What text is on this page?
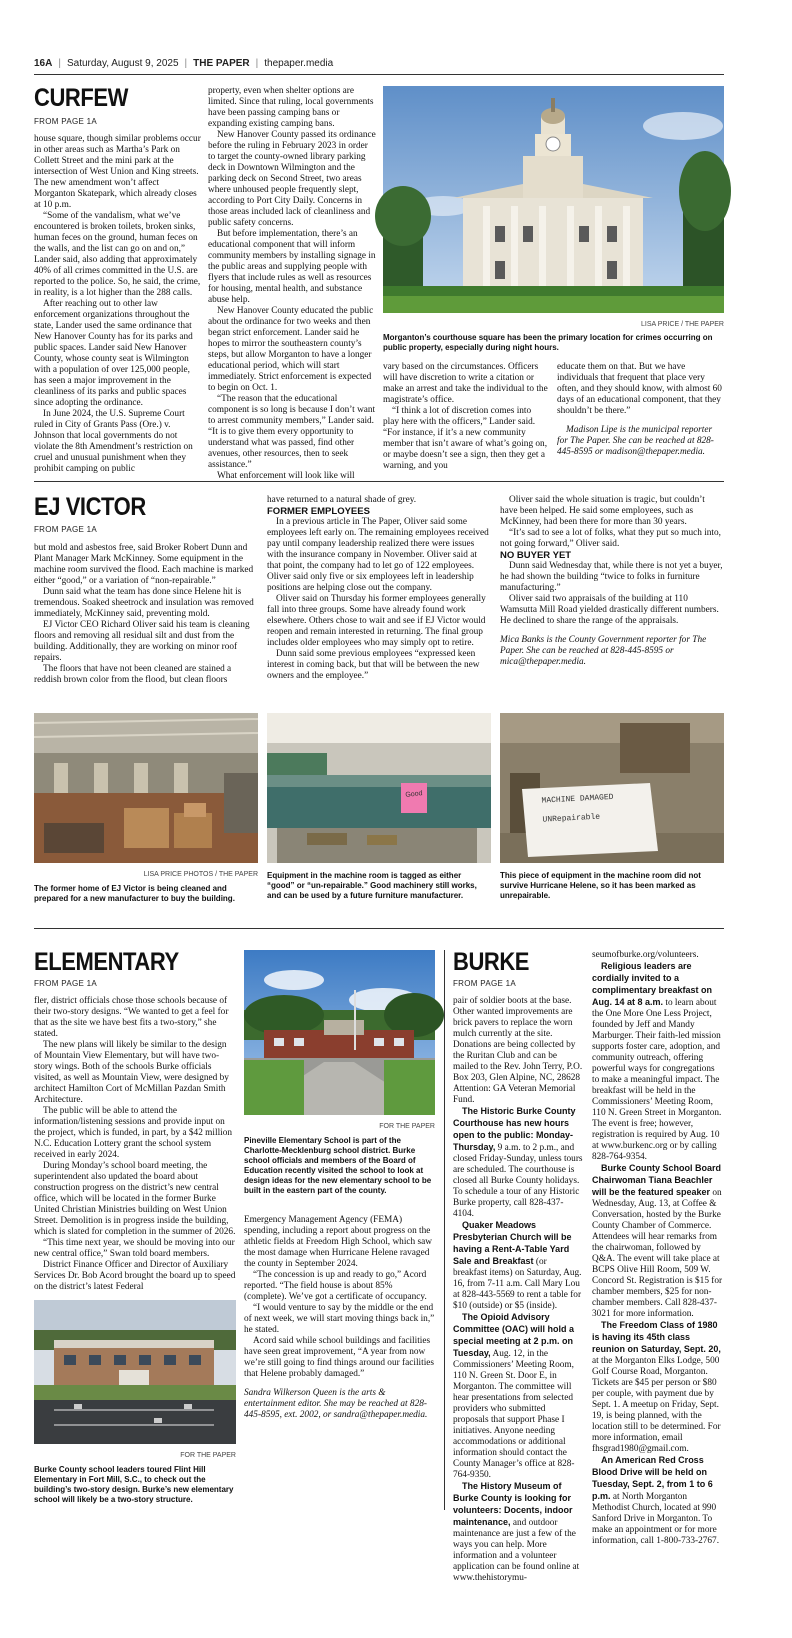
16A | Saturday, August 9, 2025 | THE PAPER | thepaper.media
CURFEW
FROM PAGE 1A

house square, though similar problems occur in other areas such as Martha’s Park on Collett Street and the mini park at the intersection of West Union and King streets. The new amendment won’t affect Morganton Skatepark, which already closes at 10 p.m.

“Some of the vandalism, what we’ve encountered is broken toilets, broken sinks, human feces on the ground, human feces on the walls, and the list can go on and on,” Lander said, also adding that approximately 40% of all crimes committed in the U.S. are reported to the police. So, he said, the crime, in reality, is a lot higher than the 288 calls.

After reaching out to other law enforcement organizations throughout the state, Lander used the same ordinance that New Hanover County has for its parks and public spaces. Lander said New Hanover County, whose county seat is Wilmington with a population of over 125,000 people, has seen a major improvement in the cleanliness of its parks and public spaces since adopting the ordinance.

In June 2024, the U.S. Supreme Court ruled in City of Grants Pass (Ore.) v. Johnson that local governments do not violate the 8th Amendment’s restriction on cruel and unusual punishment when they prohibit camping on public

property, even when shelter options are limited. Since that ruling, local governments have been passing camping bans or expanding existing camping bans.

New Hanover County passed its ordinance before the ruling in February 2023 in order to target the county-owned library parking deck in Downtown Wilmington and the parking deck on Second Street, two areas where unhoused people frequently slept, according to Port City Daily. Concerns in those areas included lack of cleanliness and public safety concerns.

But before implementation, there’s an educational component that will inform community members by installing signage in the public areas and supplying people with flyers that include rules as well as resources for housing, mental health, and substance abuse help.

New Hanover County educated the public about the ordinance for two weeks and then began strict enforcement. Lander said he hopes to mirror the southeastern county’s steps, but allow Morganton to have a longer educational period, which will start immediately. Strict enforcement is expected to begin on Oct. 1.

“The reason that the educational component is so long is because I don’t want to arrest community members,” Lander said. “It is to give them every opportunity to understand what was passed, find other avenues, other resources, then to seek assistance.”

What enforcement will look like will

LISA PRICE / THE PAPER
Morganton’s courthouse square has been the primary location for crimes occurring on public property, especially during night hours.

vary based on the circumstances. Officers will have discretion to write a citation or make an arrest and take the individual to the magistrate’s office.

“I think a lot of discretion comes into play here with the officers,” Lander said. “For instance, if it’s a new community member that isn’t aware of what’s going on, or maybe doesn’t see a sign, then they get a warning, and you

educate them on that. But we have individuals that frequent that place very often, and they should know, with almost 60 days of an educational component, that they shouldn’t be there.”

Madison Lipe is the municipal reporter for The Paper. She can be reached at 828-445-8595 or madison@thepaper.media.

EJ VICTOR
FROM PAGE 1A

but mold and asbestos free, said Broker Robert Dunn and Plant Manager Mark McKinney. Some equipment in the machine room survived the flood. Each machine is marked either “good,” or a variation of “non-repairable.”

Dunn said what the team has done since Helene hit is tremendous. Soaked sheetrock and insulation was removed immediately, McKinney said, preventing mold.

EJ Victor CEO Richard Oliver said his team is cleaning floors and removing all residual silt and dust from the building. Additionally, they are working on minor roof repairs.

The floors that have not been cleaned are stained a reddish brown color from the flood, but clean floors

have returned to a natural shade of grey.

FORMER EMPLOYEES

In a previous article in The Paper, Oliver said some employees left early on. The remaining employees received pay until company leadership realized there were issues with the insurance company in November. Oliver said at that point, the company had to let go of 122 employees. Oliver said only five or six employees left in leadership positions are helping close out the company.

Oliver said on Thursday his former employees generally fall into three groups. Some have already found work elsewhere. Others chose to wait and see if EJ Victor would reopen and remain interested in returning. The final group includes older employees who may simply opt to retire.

Dunn said some previous employees “expressed keen interest in coming back, but that will be between the new owners and the employee.”

Oliver said the whole situation is tragic, but couldn’t have been helped. He said some employees, such as McKinney, had been there for more than 30 years.

“It’s sad to see a lot of folks, what they put so much into, not going forward,” Oliver said.

NO BUYER YET

Dunn said Wednesday that, while there is not yet a buyer, he had shown the building “twice to folks in furniture manufacturing.”

Oliver said two appraisals of the building at 110 Wamsutta Mill Road yielded drastically different numbers. He declined to share the range of the appraisals.

Mica Banks is the County Government reporter for The Paper. She can be reached at 828-445-8595 or mica@thepaper.media.

Good	MACHINE DAMAGED
UNRepairable
LISA PRICE PHOTOS / THE PAPER
The former home of EJ Victor is being cleaned and prepared for a new manufacturer to buy the building.
Equipment in the machine room is tagged as either “good” or “un-repairable.” Good machinery still works, and can be used by a future furniture manufacturer.
This piece of equipment in the machine room did not survive Hurricane Helene, so it has been marked as unrepairable.
ELEMENTARY
FROM PAGE 1A

fler, district officials chose those schools because of their two-story designs. “We wanted to get a feel for that as the site we have best fits a two-story,” she stated.

The new plans will likely be similar to the design of Mountain View Elementary, but will have two-story wings. Both of the schools Burke officials visited, as well as Mountain View, were designed by architect Hamilton Cort of McMillan Pazdan Smith Architecture.

The public will be able to attend the information/listening sessions and provide input on the project, which is funded, in part, by a $42 million N.C. Education Lottery grant the school system received in early 2024.

During Monday’s school board meeting, the superintendent also updated the board about construction progress on the district’s new central office, which will be located in the former Burke United Christian Ministries building on West Union Street. Demolition is in progress inside the building, which is slated for completion in the summer of 2026.

“This time next year, we should be moving into our new central office,” Swan told board members.

District Finance Officer and Director of Auxiliary Services Dr. Bob Acord brought the board up to speed on the district’s latest Federal

FOR THE PAPER
Burke County school leaders toured Flint Hill Elementary in Fort Mill, S.C., to check out the building’s two-story design. Burke’s new elementary school will likely be a two-story structure.
FOR THE PAPER
Pineville Elementary School is part of the Charlotte-Mecklenburg school district. Burke school officials and members of the Board of Education recently visited the school to look at design ideas for the new elementary school to be built in the eastern part of the county.

Emergency Management Agency (FEMA) spending, including a report about progress on the athletic fields at Freedom High School, which saw the most damage when Hurricane Helene ravaged the county in September 2024.

“The concession is up and ready to go,” Acord reported. “The field house is about 85% (complete). We’ve got a certificate of occupancy.

“I would venture to say by the middle or the end of next week, we will start moving things back in,” he stated.

Acord said while school buildings and facilities have seen great improvement, “A year from now we’re still going to find things around our facilities that Helene probably damaged.”

Sandra Wilkerson Queen is the arts & entertainment editor. She may be reached at 828-445-8595, ext. 2002, or sandra@thepaper.media.

BURKE
FROM PAGE 1A

pair of soldier boots at the base. Other wanted improvements are brick pavers to replace the worn mulch currently at the site. Donations are being collected by the Ruritan Club and can be mailed to the Rev. John Terry, P.O. Box 203, Glen Alpine, NC, 28628 Attention: GA Veteran Memorial Fund.

The Historic Burke County Courthouse has new hours open to the public: Monday-Thursday, 9 a.m. to 2 p.m., and closed Friday-Sunday, unless tours are scheduled. The courthouse is closed all Burke County holidays. To schedule a tour of any Historic Burke property, call 828-437-4104.

Quaker Meadows Presbyterian Church will be having a Rent-A-Table Yard Sale and Breakfast (or breakfast items) on Saturday, Aug. 16, from 7-11 a.m. Call Mary Lou at 828-443-5569 to rent a table for $10 (outside) or $5 (inside).

The Opioid Advisory Committee (OAC) will hold a special meeting at 2 p.m. on Tuesday, Aug. 12, in the Commissioners’ Meeting Room, 110 N. Green St. Door E, in Morganton. The committee will hear presentations from selected providers who submitted proposals that support Phase I initiatives. Anyone needing accommodations or additional information should contact the County Manager’s office at 828-764-9350.

The History Museum of Burke County is looking for volunteers: Docents, indoor maintenance, and outdoor maintenance are just a few of the ways you can help. More information and a volunteer application can be found online at www.thehistorymu-

seumofburke.org/volunteers.

Religious leaders are cordially invited to a complimentary breakfast on Aug. 14 at 8 a.m. to learn about the One More One Less Project, founded by Jeff and Mandy Marburger. Their faith-led mission supports foster care, adoption, and community outreach, offering powerful ways for congregations to make a meaningful impact. The breakfast will be held in the Commissioners’ Meeting Room, 110 N. Green Street in Morganton. The event is free; however, registration is required by Aug. 10 at www.burkenc.org or by calling 828-764-9354.

Burke County School Board Chairwoman Tiana Beachler will be the featured speaker on Wednesday, Aug. 13, at Coffee & Conversation, hosted by the Burke County Chamber of Commerce. Attendees will hear remarks from the chairwoman, followed by Q&A. The event will take place at BCPS Olive Hill Room, 509 W. Concord St. Registration is $15 for chamber members, $25 for non-chamber members. Call 828-437-3021 for more information.

The Freedom Class of 1980 is having its 45th class reunion on Saturday, Sept. 20, at the Morganton Elks Lodge, 500 Golf Course Road, Morganton. Tickets are $45 per person or $80 per couple, with payment due by Sept. 1. A meetup on Friday, Sept. 19, is being planned, with the location still to be determined. For more information, email fhsgrad1980@gmail.com.

An American Red Cross Blood Drive will be held on Tuesday, Sept. 2, from 1 to 6 p.m. at North Morganton Methodist Church, located at 990 Sanford Drive in Morganton. To make an appointment or for more information, call 1-800-733-2767.
